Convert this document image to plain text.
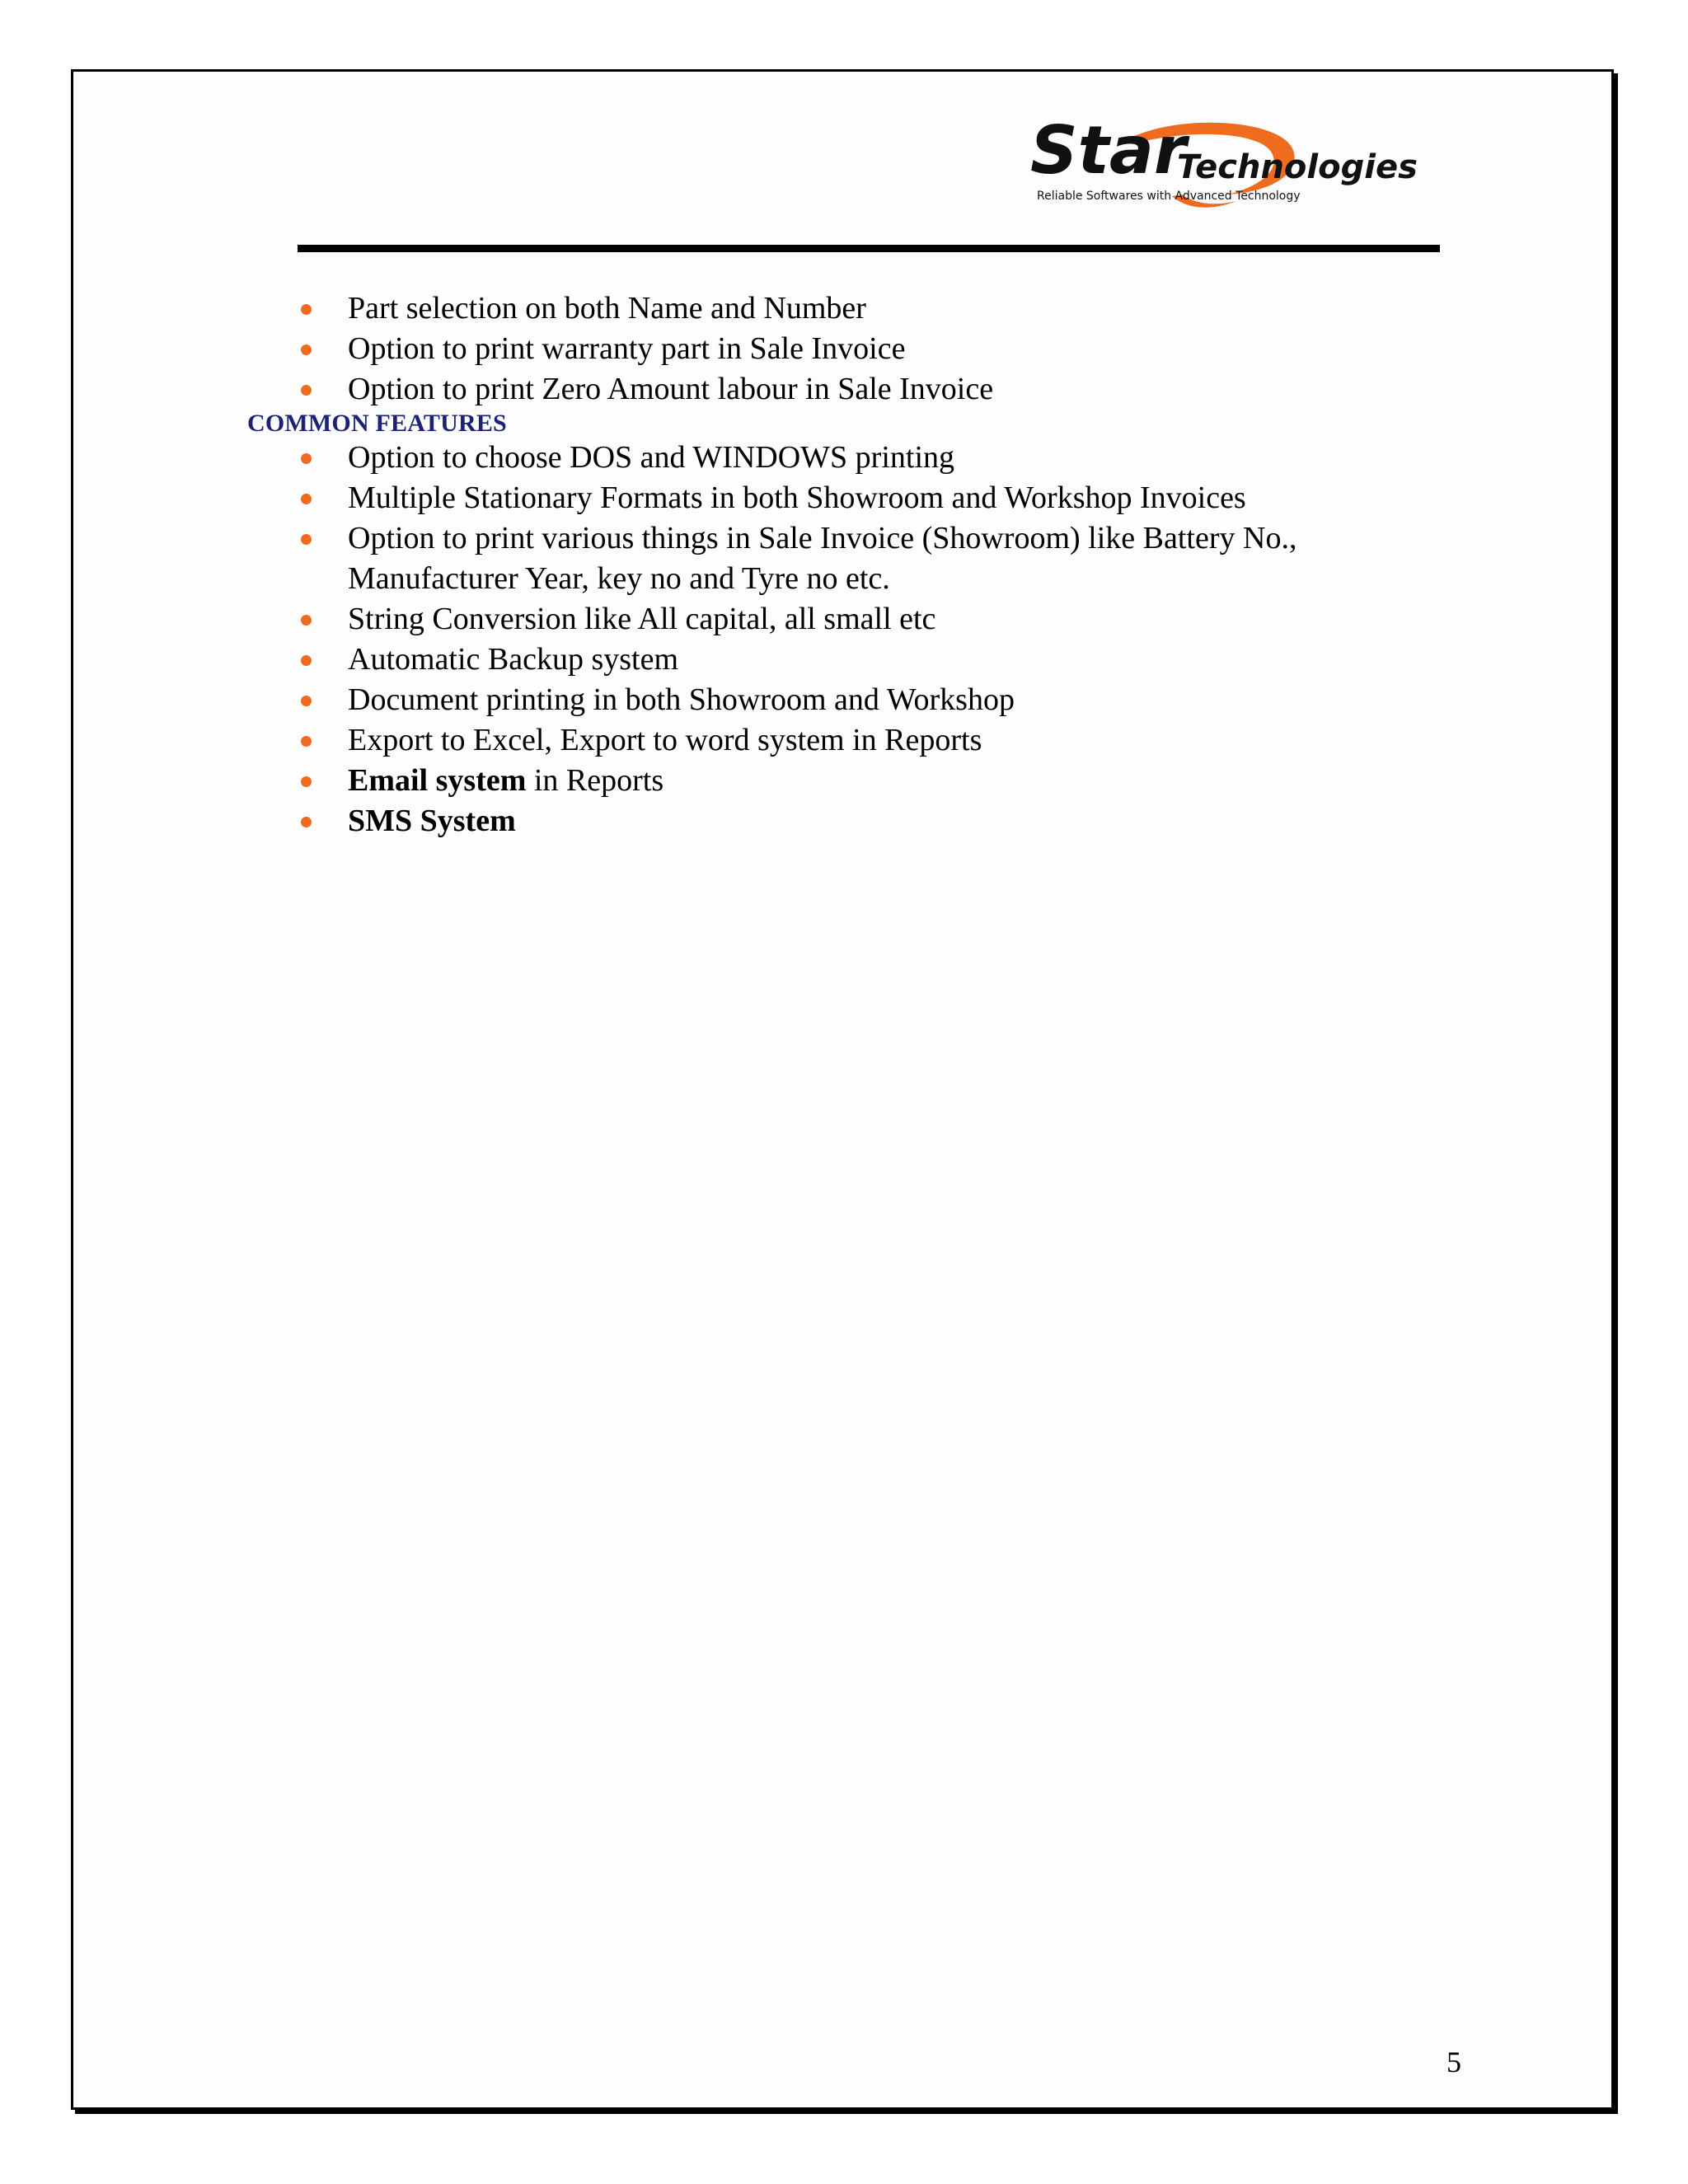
Star
Technologies
Reliable Softwares with Advanced Technology
Part selection on both Name and Number
Option to print warranty part in Sale Invoice
Option to print Zero Amount labour in Sale Invoice

COMMON FEATURES

Option to choose DOS and WINDOWS printing
Multiple Stationary Formats in both Showroom and Workshop Invoices
Option to print various things in Sale Invoice (Showroom) like Battery No.,
Manufacturer Year, key no and Tyre no etc.
String Conversion like All capital, all small etc
Automatic Backup system
Document printing in both Showroom and Workshop
Export to Excel, Export to word system in Reports
Email system in Reports
SMS System
5
